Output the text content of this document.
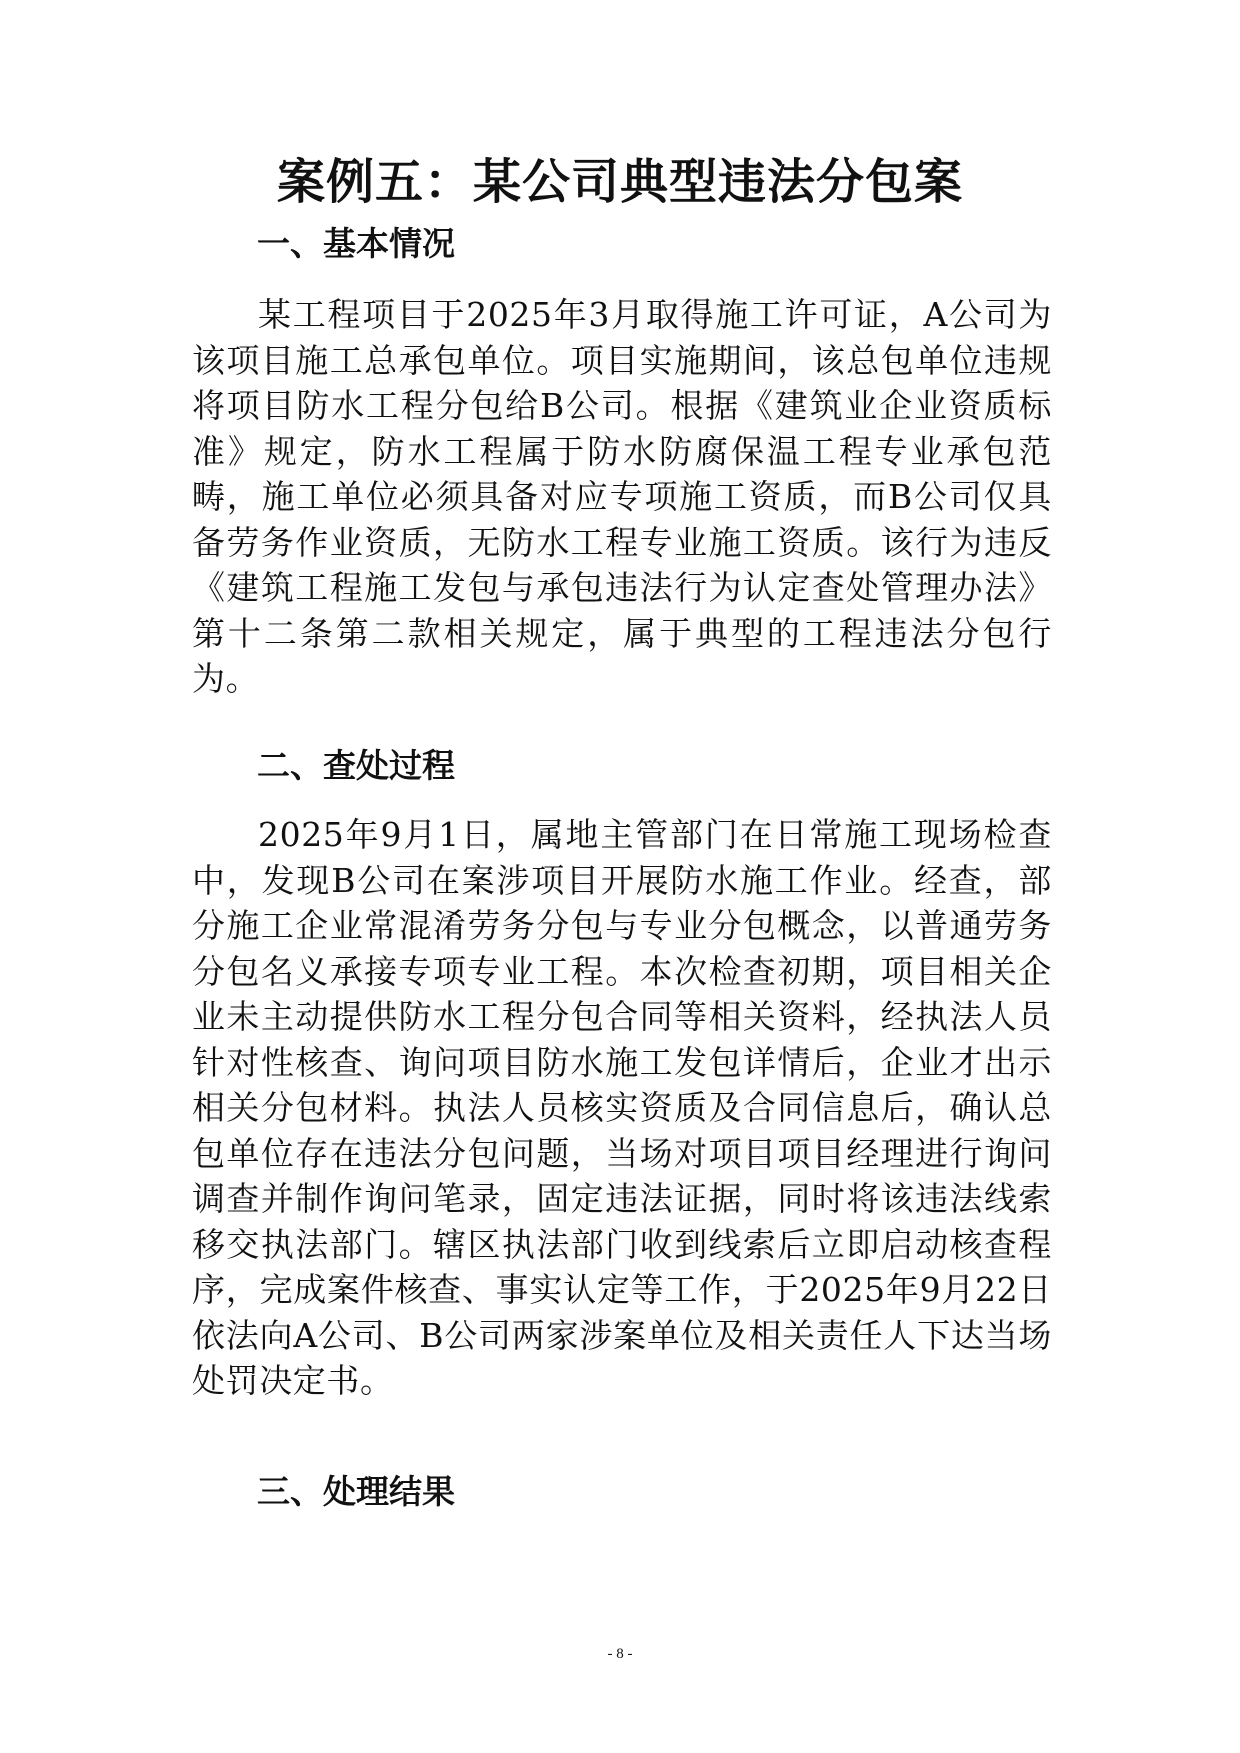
案例五：某公司典型违法分包案
一、基本情况

某工程项目于2025年3月取得施工许可证，A公司为该项目施工总承包单位。项目实施期间，该总包单位违规将项目防水工程分包给B公司。根据《建筑业企业资质标准》规定，防水工程属于防水防腐保温工程专业承包范畴，施工单位必须具备对应专项施工资质，而B公司仅具备劳务作业资质，无防水工程专业施工资质。该行为违反《建筑工程施工发包与承包违法行为认定查处管理办法》第十二条第二款相关规定，属于典型的工程违法分包行为。

二、查处过程

2025年9月1日，属地主管部门在日常施工现场检查中，发现B公司在案涉项目开展防水施工作业。经查，部分施工企业常混淆劳务分包与专业分包概念，以普通劳务分包名义承接专项专业工程。本次检查初期，项目相关企业未主动提供防水工程分包合同等相关资料，经执法人员针对性核查、询问项目防水施工发包详情后，企业才出示相关分包材料。执法人员核实资质及合同信息后，确认总包单位存在违法分包问题，当场对项目项目经理进行询问调查并制作询问笔录，固定违法证据，同时将该违法线索移交执法部门。辖区执法部门收到线索后立即启动核查程序，完成案件核查、事实认定等工作，于2025年9月22日依法向A公司、B公司两家涉案单位及相关责任人下达当场处罚决定书。

三、处理结果

- 8 -
